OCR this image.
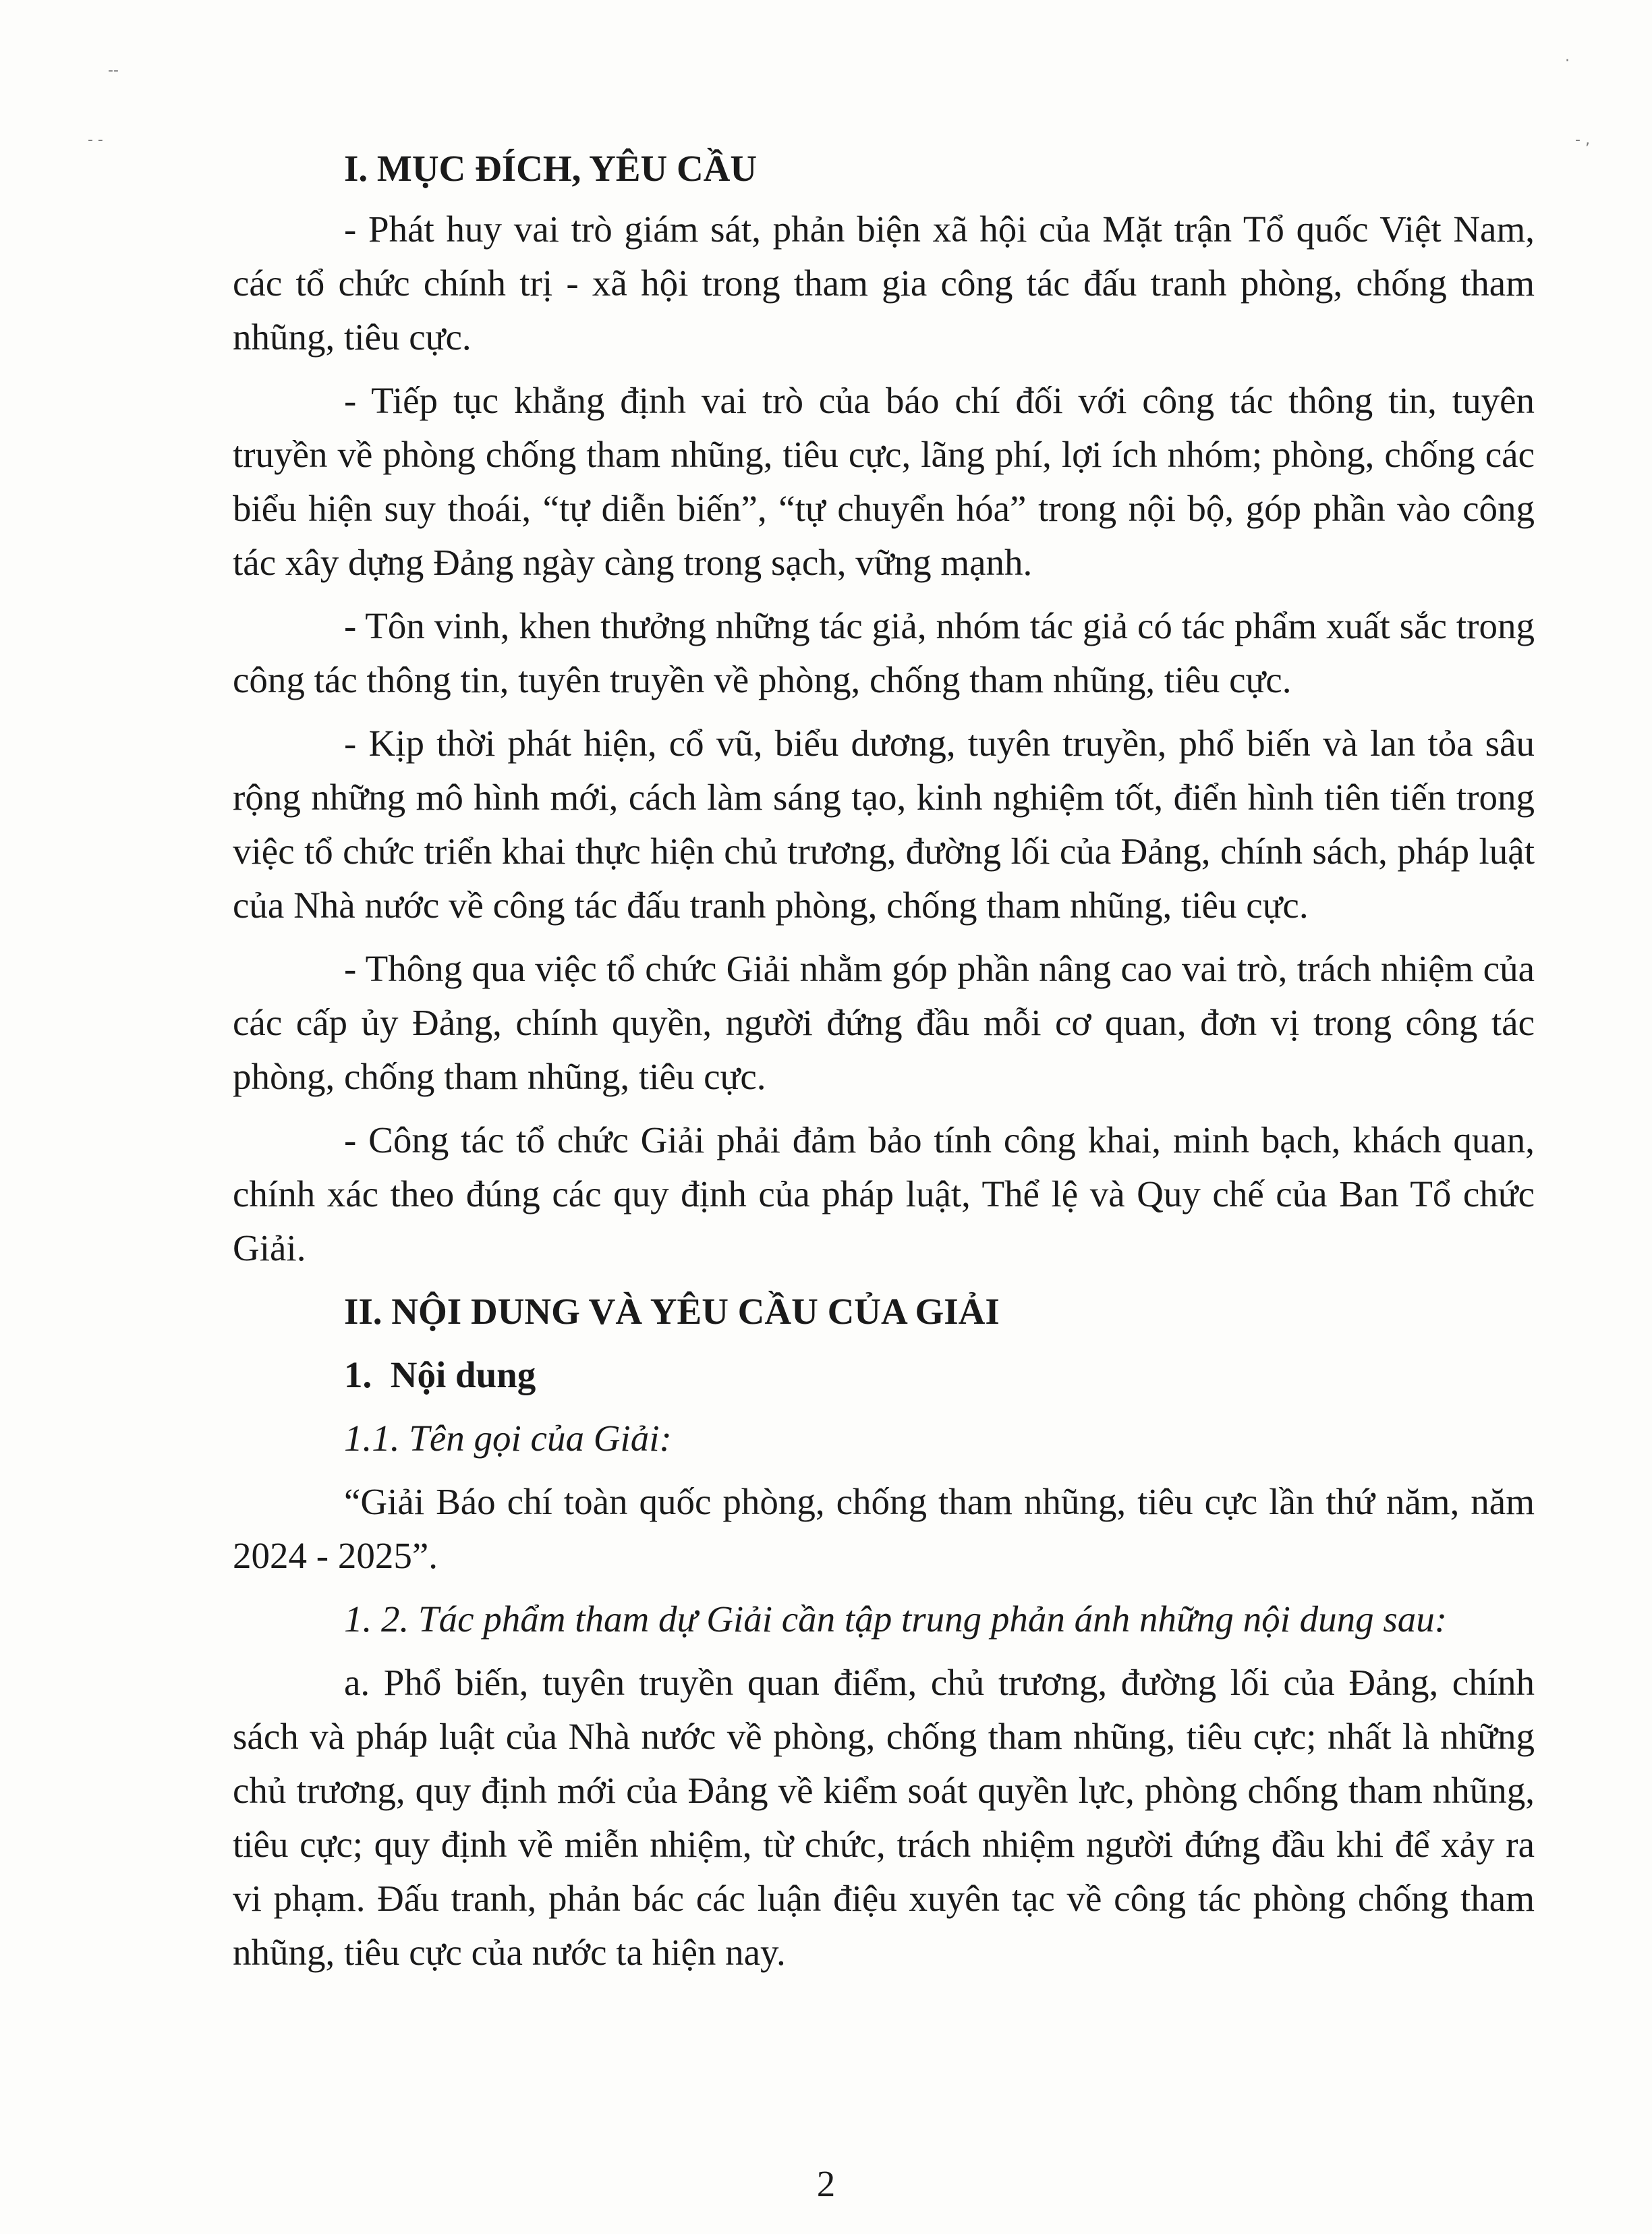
--
- -
·
- ‚
I. MỤC ĐÍCH, YÊU CẦU

- Phát huy vai trò giám sát, phản biện xã hội của Mặt trận Tổ quốc Việt Nam, các tổ chức chính trị - xã hội trong tham gia công tác đấu tranh phòng, chống tham nhũng, tiêu cực.

- Tiếp tục khẳng định vai trò của báo chí đối với công tác thông tin, tuyên truyền về phòng chống tham nhũng, tiêu cực, lãng phí, lợi ích nhóm; phòng, chống các biểu hiện suy thoái, “tự diễn biến”, “tự chuyển hóa” trong nội bộ, góp phần vào công tác xây dựng Đảng ngày càng trong sạch, vững mạnh.

- Tôn vinh, khen thưởng những tác giả, nhóm tác giả có tác phẩm xuất sắc trong công tác thông tin, tuyên truyền về phòng, chống tham nhũng, tiêu cực.

- Kịp thời phát hiện, cổ vũ, biểu dương, tuyên truyền, phổ biến và lan tỏa sâu rộng những mô hình mới, cách làm sáng tạo, kinh nghiệm tốt, điển hình tiên tiến trong việc tổ chức triển khai thực hiện chủ trương, đường lối của Đảng, chính sách, pháp luật của Nhà nước về công tác đấu tranh phòng, chống tham nhũng, tiêu cực.

- Thông qua việc tổ chức Giải nhằm góp phần nâng cao vai trò, trách nhiệm của các cấp ủy Đảng, chính quyền, người đứng đầu mỗi cơ quan, đơn vị trong công tác phòng, chống tham nhũng, tiêu cực.

- Công tác tổ chức Giải phải đảm bảo tính công khai, minh bạch, khách quan, chính xác theo đúng các quy định của pháp luật, Thể lệ và Quy chế của Ban Tổ chức Giải.

II. NỘI DUNG VÀ YÊU CẦU CỦA GIẢI
1.  Nội dung
1.1. Tên gọi của Giải:

“Giải Báo chí toàn quốc phòng, chống tham nhũng, tiêu cực lần thứ năm, năm 2024 - 2025”.

1. 2. Tác phẩm tham dự Giải cần tập trung phản ánh những nội dung sau:

a. Phổ biến, tuyên truyền quan điểm, chủ trương, đường lối của Đảng, chính sách và pháp luật của Nhà nước về phòng, chống tham nhũng, tiêu cực; nhất là những chủ trương, quy định mới của Đảng về kiểm soát quyền lực, phòng chống tham nhũng, tiêu cực; quy định về miễn nhiệm, từ chức, trách nhiệm người đứng đầu khi để xảy ra vi phạm. Đấu tranh, phản bác các luận điệu xuyên tạc về công tác phòng chống tham nhũng, tiêu cực của nước ta hiện nay.

2
